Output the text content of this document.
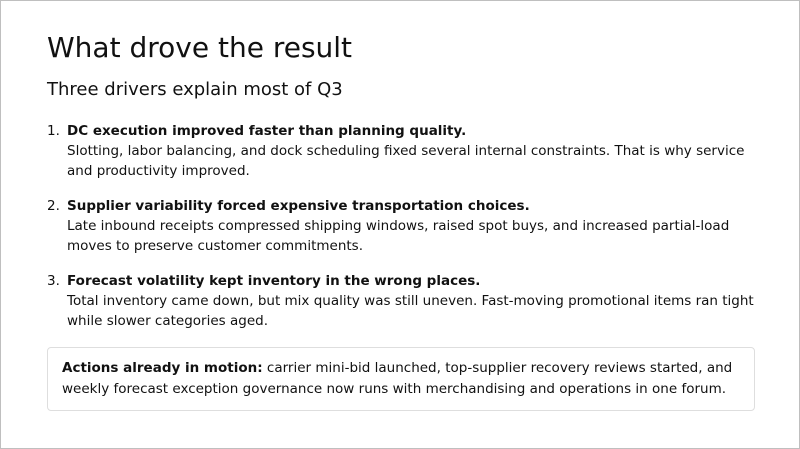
What drove the result
Three drivers explain most of Q3
1. DC execution improved faster than planning quality.
Slotting, labor balancing, and dock scheduling fixed several internal constraints. That is why service and productivity improved.
2. Supplier variability forced expensive transportation choices.
Late inbound receipts compressed shipping windows, raised spot buys, and increased partial-load moves to preserve customer commitments.
3. Forecast volatility kept inventory in the wrong places.
Total inventory came down, but mix quality was still uneven. Fast-moving promotional items ran tight while slower categories aged.
Actions already in motion: carrier mini-bid launched, top-supplier recovery reviews started, and weekly forecast exception governance now runs with merchandising and operations in one forum.
